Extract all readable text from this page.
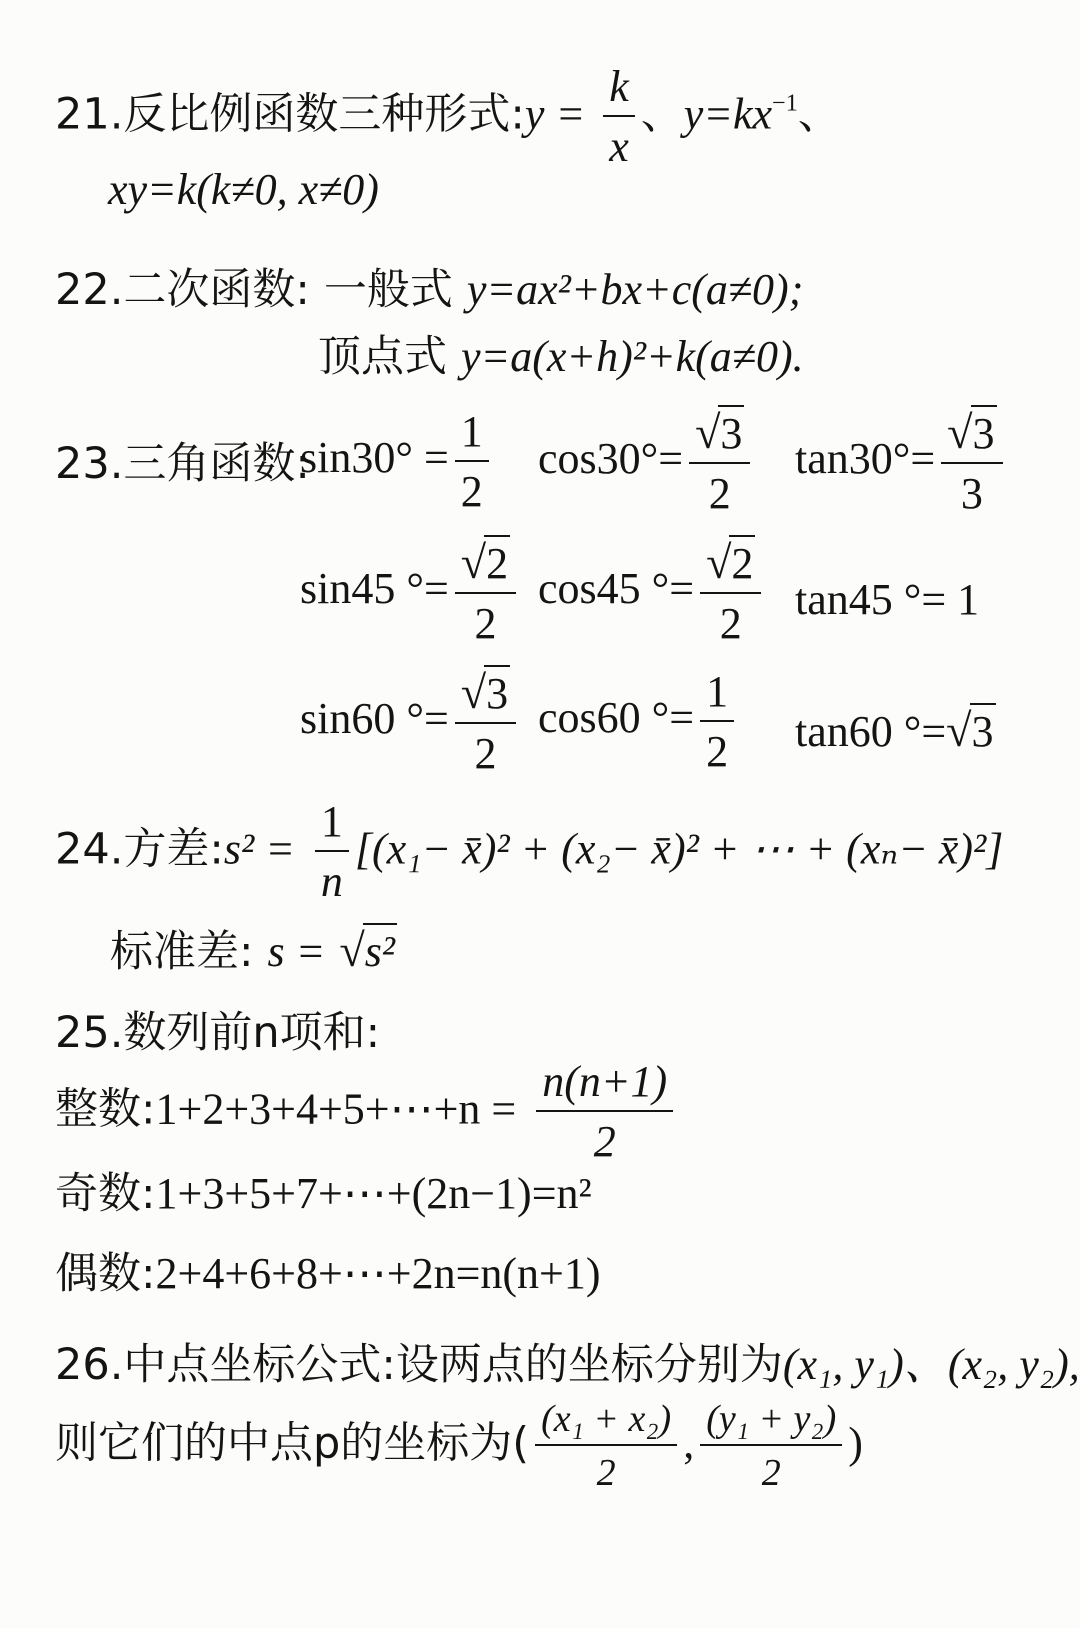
21.反比例函数三种形式:y = $\frac{k}{x}$ 、$y=kx^{-1}$、
xy=k(k≠0, x≠0)
22.二次函数: 一般式 y=ax²+bx+c(a≠0);
顶点式 y=a(x+h)²+k(a≠0).
23.三角函数:
$\sin 30^\circ = \frac{1}{2} \cos 30^\circ= \frac{√3}{2} \tan 30^\circ= \frac{√3}{3}$
sin45 °= $\frac{√2}{2} \cos 45$ °= $\frac{√2}{2} \tan 45$ °= 1
sin60 °= $\frac{√3}{2} \cos 60$ °= $\frac{1}{2} \tan 60$ °=√3
24.方差:s² = $\frac{1}{n} [(x_1-$ x̄)² + (x₂− x̄)² + ⋯ + (xₙ− x̄)²]
标准差: s = √s²
25.数列前n项和:
整数:1+2+3+4+5+⋯+n = $\frac{n(n+1)}{2}$
奇数:1+3+5+7+⋯+(2n−1)=n²
偶数:2+4+6+8+⋯+2n=n(n+1)
26.中点坐标公式:设两点的坐标分别为(x₁, y₁)、(x₂, y₂),
则它们的中点p的坐标为( $\frac{\text{(x₁ + x₂)}}{2}$ , $\frac{\text{(y₁ + y₂)}}{2}$ )
